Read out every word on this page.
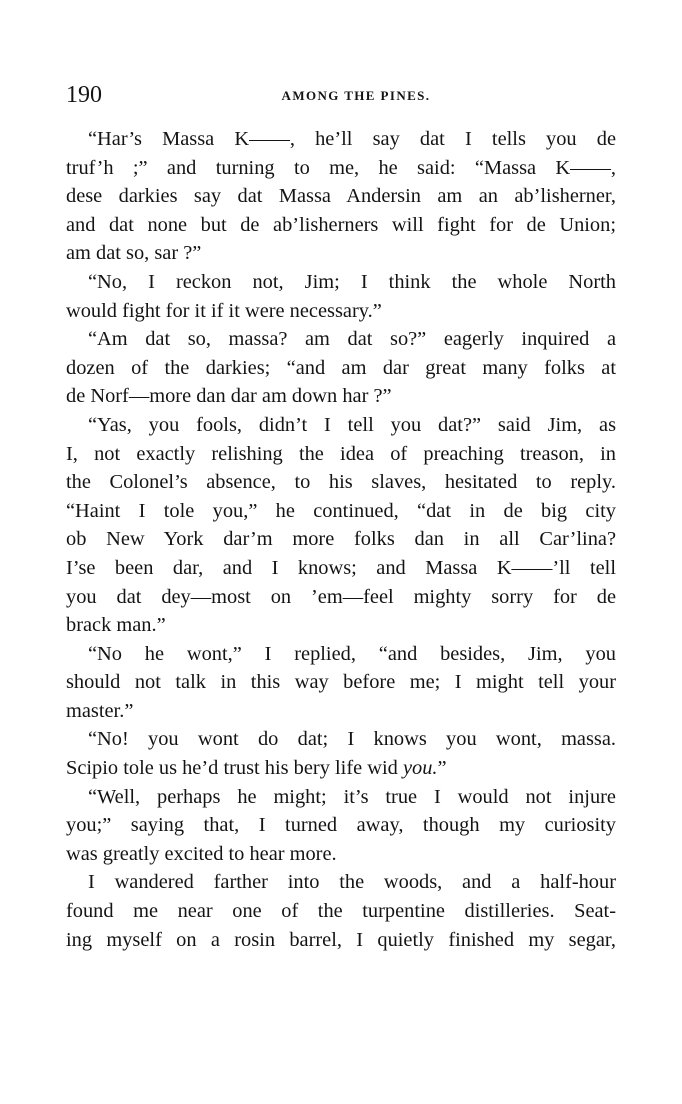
190	AMONG THE PINES.
“Har’s Massa K——, he’ll say dat I tells you de
truf’h ;” and turning to me, he said: “Massa K——,
dese darkies say dat Massa Andersin am an ab’lisherner,
and dat none but de ab’lisherners will fight for de Union;
am dat so, sar ?”
“No, I reckon not, Jim; I think the whole North
would fight for it if it were necessary.”
“Am dat so, massa? am dat so?” eagerly inquired a
dozen of the darkies; “and am dar great many folks at
de Norf—more dan dar am down har ?”
“Yas, you fools, didn’t I tell you dat?” said Jim, as
I, not exactly relishing the idea of preaching treason, in
the Colonel’s absence, to his slaves, hesitated to reply.
“Haint I tole you,” he continued, “dat in de big city
ob New York dar’m more folks dan in all Car’lina?
I’se been dar, and I knows; and Massa K——’ll tell
you dat dey—most on ’em—feel mighty sorry for de
brack man.”
“No he wont,” I replied, “and besides, Jim, you
should not talk in this way before me; I might tell your
master.”
“No! you wont do dat; I knows you wont, massa.
Scipio tole us he’d trust his bery life wid you.”
“Well, perhaps he might; it’s true I would not injure
you;” saying that, I turned away, though my curiosity
was greatly excited to hear more.
I wandered farther into the woods, and a half-hour
found me near one of the turpentine distilleries. Seat-
ing myself on a rosin barrel, I quietly finished my segar,
